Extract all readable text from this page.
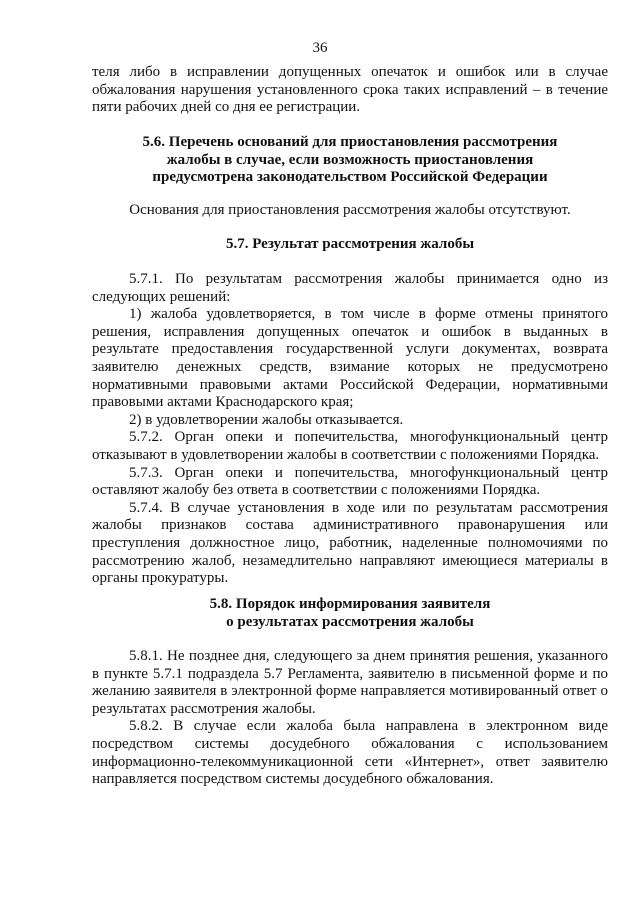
36

теля либо в исправлении допущенных опечаток и ошибок или в случае обжалования нарушения установленного срока таких исправлений – в течение пяти рабочих дней со дня ее регистрации.

5.6. Перечень оснований для приостановления рассмотрения

жалобы в случае, если возможность приостановления

предусмотрена законодательством Российской Федерации

Основания для приостановления рассмотрения жалобы отсутствуют.

5.7. Результат рассмотрения жалобы

5.7.1. По результатам рассмотрения жалобы принимается одно из следующих решений:

1) жалоба удовлетворяется, в том числе в форме отмены принятого решения, исправления допущенных опечаток и ошибок в выданных в результате предоставления государственной услуги документах, возврата заявителю денежных средств, взимание которых не предусмотрено нормативными правовыми актами Российской Федерации, нормативными правовыми актами Краснодарского края;

2) в удовлетворении жалобы отказывается.

5.7.2. Орган опеки и попечительства, многофункциональный центр отказывают в удовлетворении жалобы в соответствии с положениями Порядка.

5.7.3. Орган опеки и попечительства, многофункциональный центр оставляют жалобу без ответа в соответствии с положениями Порядка.

5.7.4. В случае установления в ходе или по результатам рассмотрения жалобы признаков состава административного правонарушения или преступления должностное лицо, работник, наделенные полномочиями по рассмотрению жалоб, незамедлительно направляют имеющиеся материалы в органы прокуратуры.

5.8. Порядок информирования заявителя

о результатах рассмотрения жалобы

5.8.1. Не позднее дня, следующего за днем принятия решения, указанного в пункте 5.7.1 подраздела 5.7 Регламента, заявителю в письменной форме и по желанию заявителя в электронной форме направляется мотивированный ответ о результатах рассмотрения жалобы.

5.8.2. В случае если жалоба была направлена в электронном виде посредством системы досудебного обжалования с использованием информационно-телекоммуникационной сети «Интернет», ответ заявителю направляется посредством системы досудебного обжалования.
